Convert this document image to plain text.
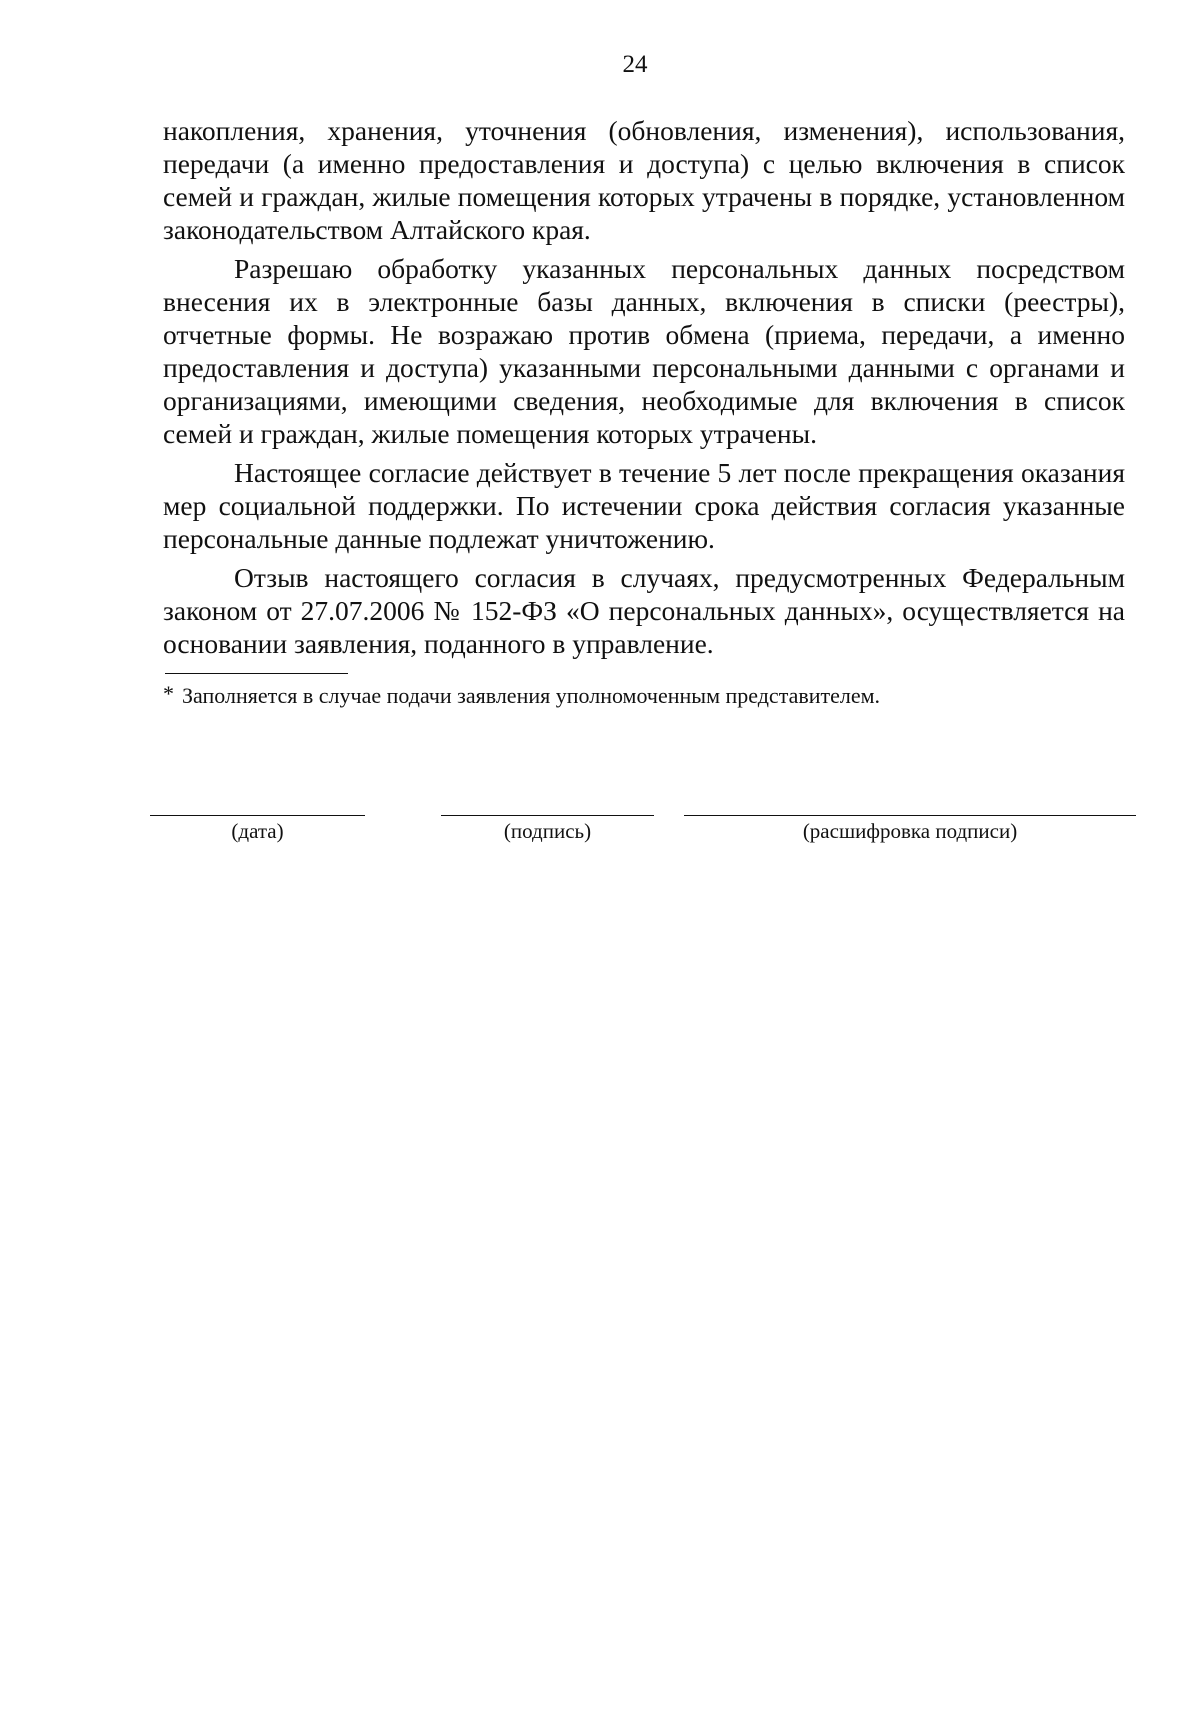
24

накопления, хранения, уточнения (обновления, изменения), использования, передачи (а именно предоставления и доступа) с целью включения в список семей и граждан, жилые помещения которых утрачены в порядке, установленном законодательством Алтайского края.

Разрешаю обработку указанных персональных данных посредством внесения их в электронные базы данных, включения в списки (реестры), отчетные формы. Не возражаю против обмена (приема, передачи, а именно предоставления и доступа) указанными персональными данными с органами и организациями, имеющими сведения, необходимые для включения в список семей и граждан, жилые помещения которых утрачены.

Настоящее согласие действует в течение 5 лет после прекращения оказания мер социальной поддержки. По истечении срока действия согласия указанные персональные данные подлежат уничтожению.

Отзыв настоящего согласия в случаях, предусмотренных Федеральным законом от 27.07.2006 № 152-ФЗ «О персональных данных», осуществляется на основании заявления, поданного в управление.

* Заполняется в случае подачи заявления уполномоченным представителем.
(дата)	(подпись)	(расшифровка подписи)
